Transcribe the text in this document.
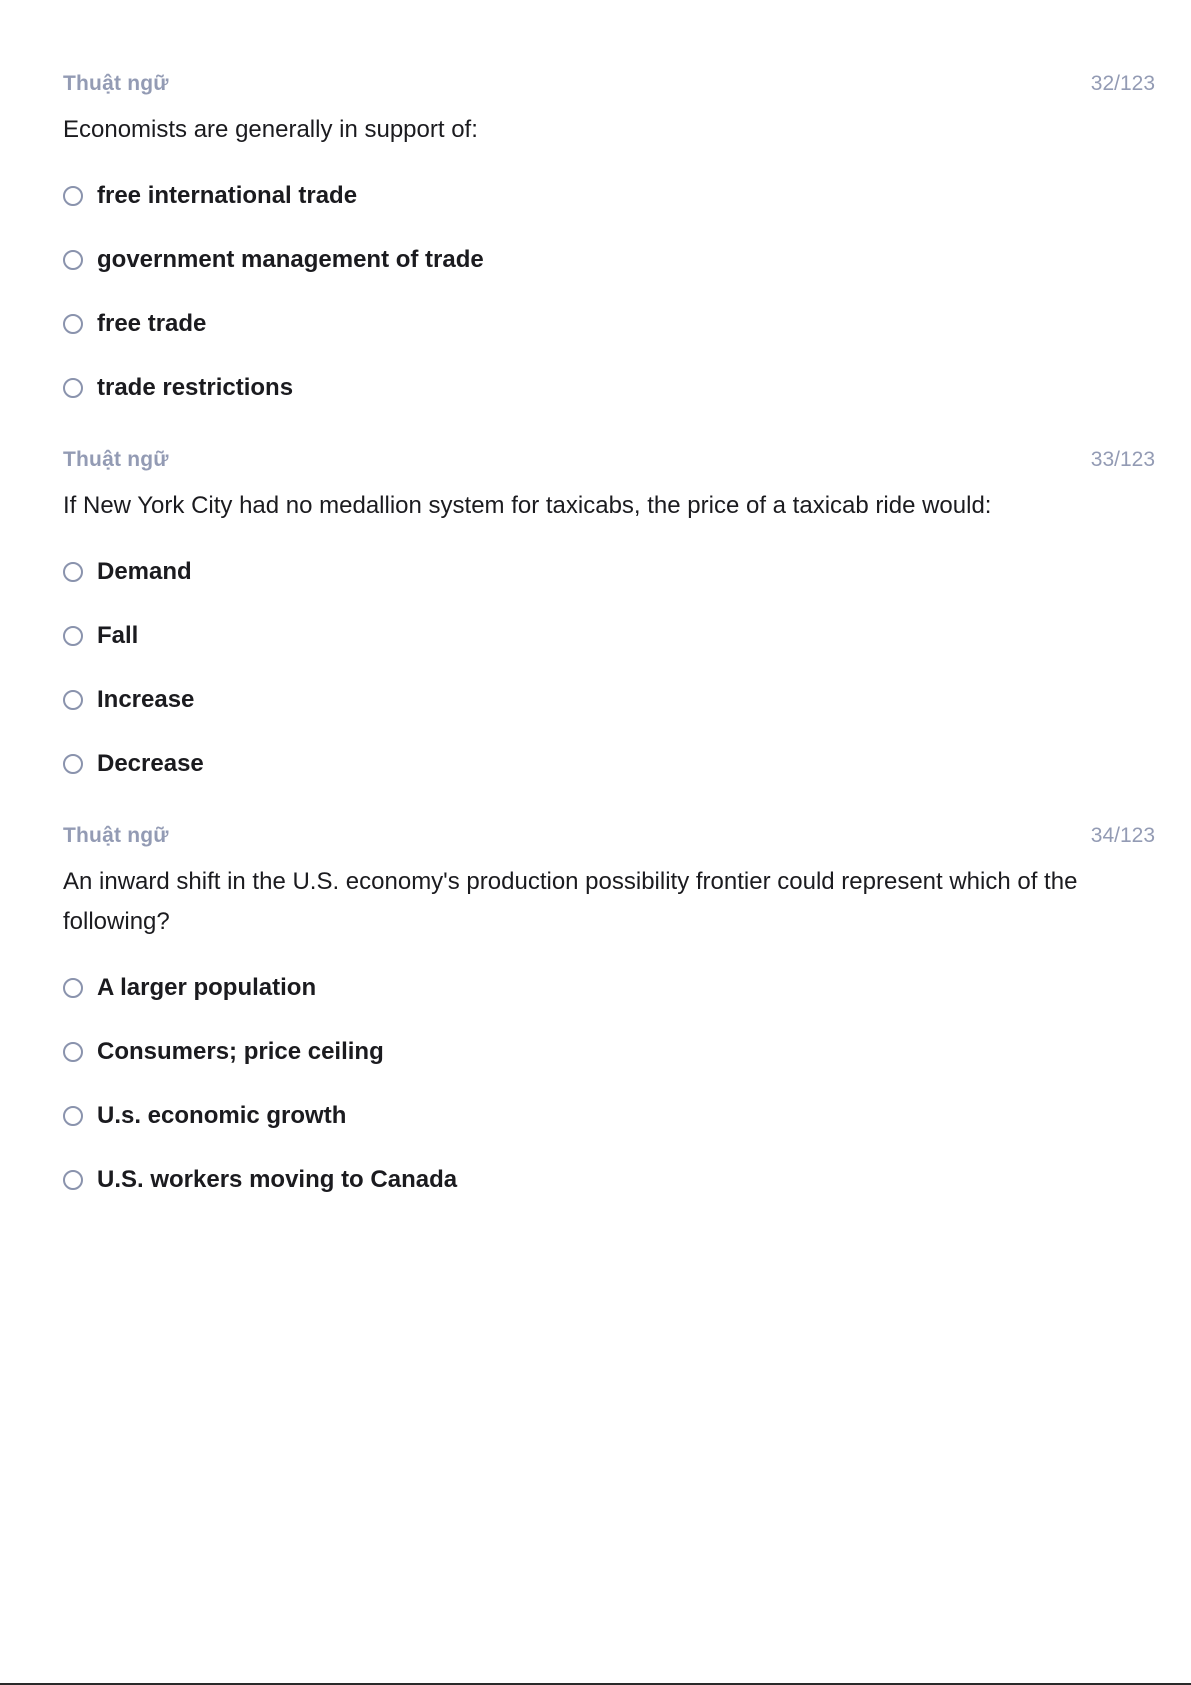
Thuật ngữ	32/123
Economists are generally in support of:
free international trade
government management of trade
free trade
trade restrictions
Thuật ngữ	33/123
If New York City had no medallion system for taxicabs, the price of a taxicab ride would:
Demand
Fall
Increase
Decrease
Thuật ngữ	34/123
An inward shift in the U.S. economy's production possibility frontier could represent which of the following?
A larger population
Consumers; price ceiling
U.s. economic growth
U.S. workers moving to Canada
